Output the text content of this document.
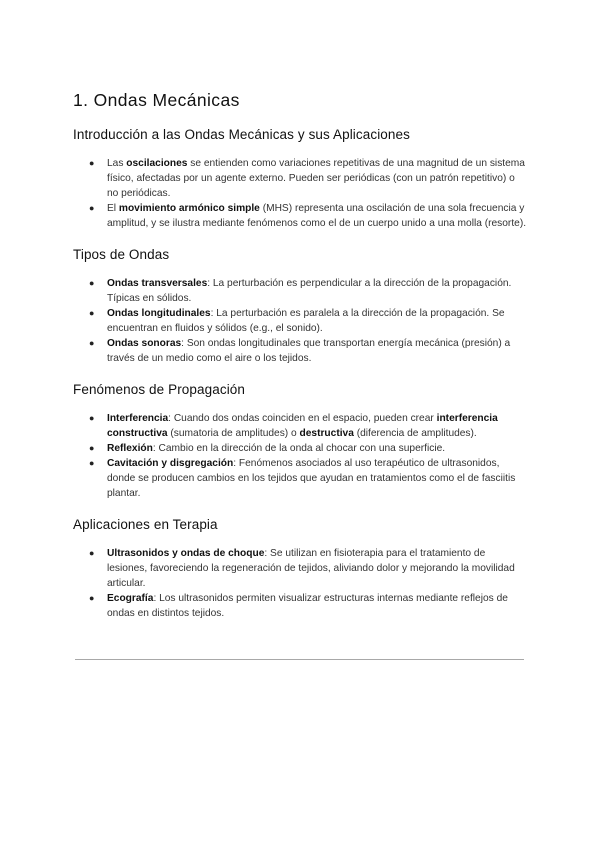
1. Ondas Mecánicas
Introducción a las Ondas Mecánicas y sus Aplicaciones
● Las oscilaciones se entienden como variaciones repetitivas de una magnitud de un sistema físico, afectadas por un agente externo. Pueden ser periódicas (con un patrón repetitivo) o no periódicas.
● El movimiento armónico simple (MHS) representa una oscilación de una sola frecuencia y amplitud, y se ilustra mediante fenómenos como el de un cuerpo unido a una molla (resorte).
Tipos de Ondas
● Ondas transversales: La perturbación es perpendicular a la dirección de la propagación. Típicas en sólidos.
● Ondas longitudinales: La perturbación es paralela a la dirección de la propagación. Se encuentran en fluidos y sólidos (e.g., el sonido).
● Ondas sonoras: Son ondas longitudinales que transportan energía mecánica (presión) a través de un medio como el aire o los tejidos.
Fenómenos de Propagación
● Interferencia: Cuando dos ondas coinciden en el espacio, pueden crear interferencia constructiva (sumatoria de amplitudes) o destructiva (diferencia de amplitudes).
● Reflexión: Cambio en la dirección de la onda al chocar con una superficie.
● Cavitación y disgregación: Fenómenos asociados al uso terapéutico de ultrasonidos, donde se producen cambios en los tejidos que ayudan en tratamientos como el de fasciitis plantar.
Aplicaciones en Terapia
● Ultrasonidos y ondas de choque: Se utilizan en fisioterapia para el tratamiento de lesiones, favoreciendo la regeneración de tejidos, aliviando dolor y mejorando la movilidad articular.
● Ecografía: Los ultrasonidos permiten visualizar estructuras internas mediante reflejos de ondas en distintos tejidos.
